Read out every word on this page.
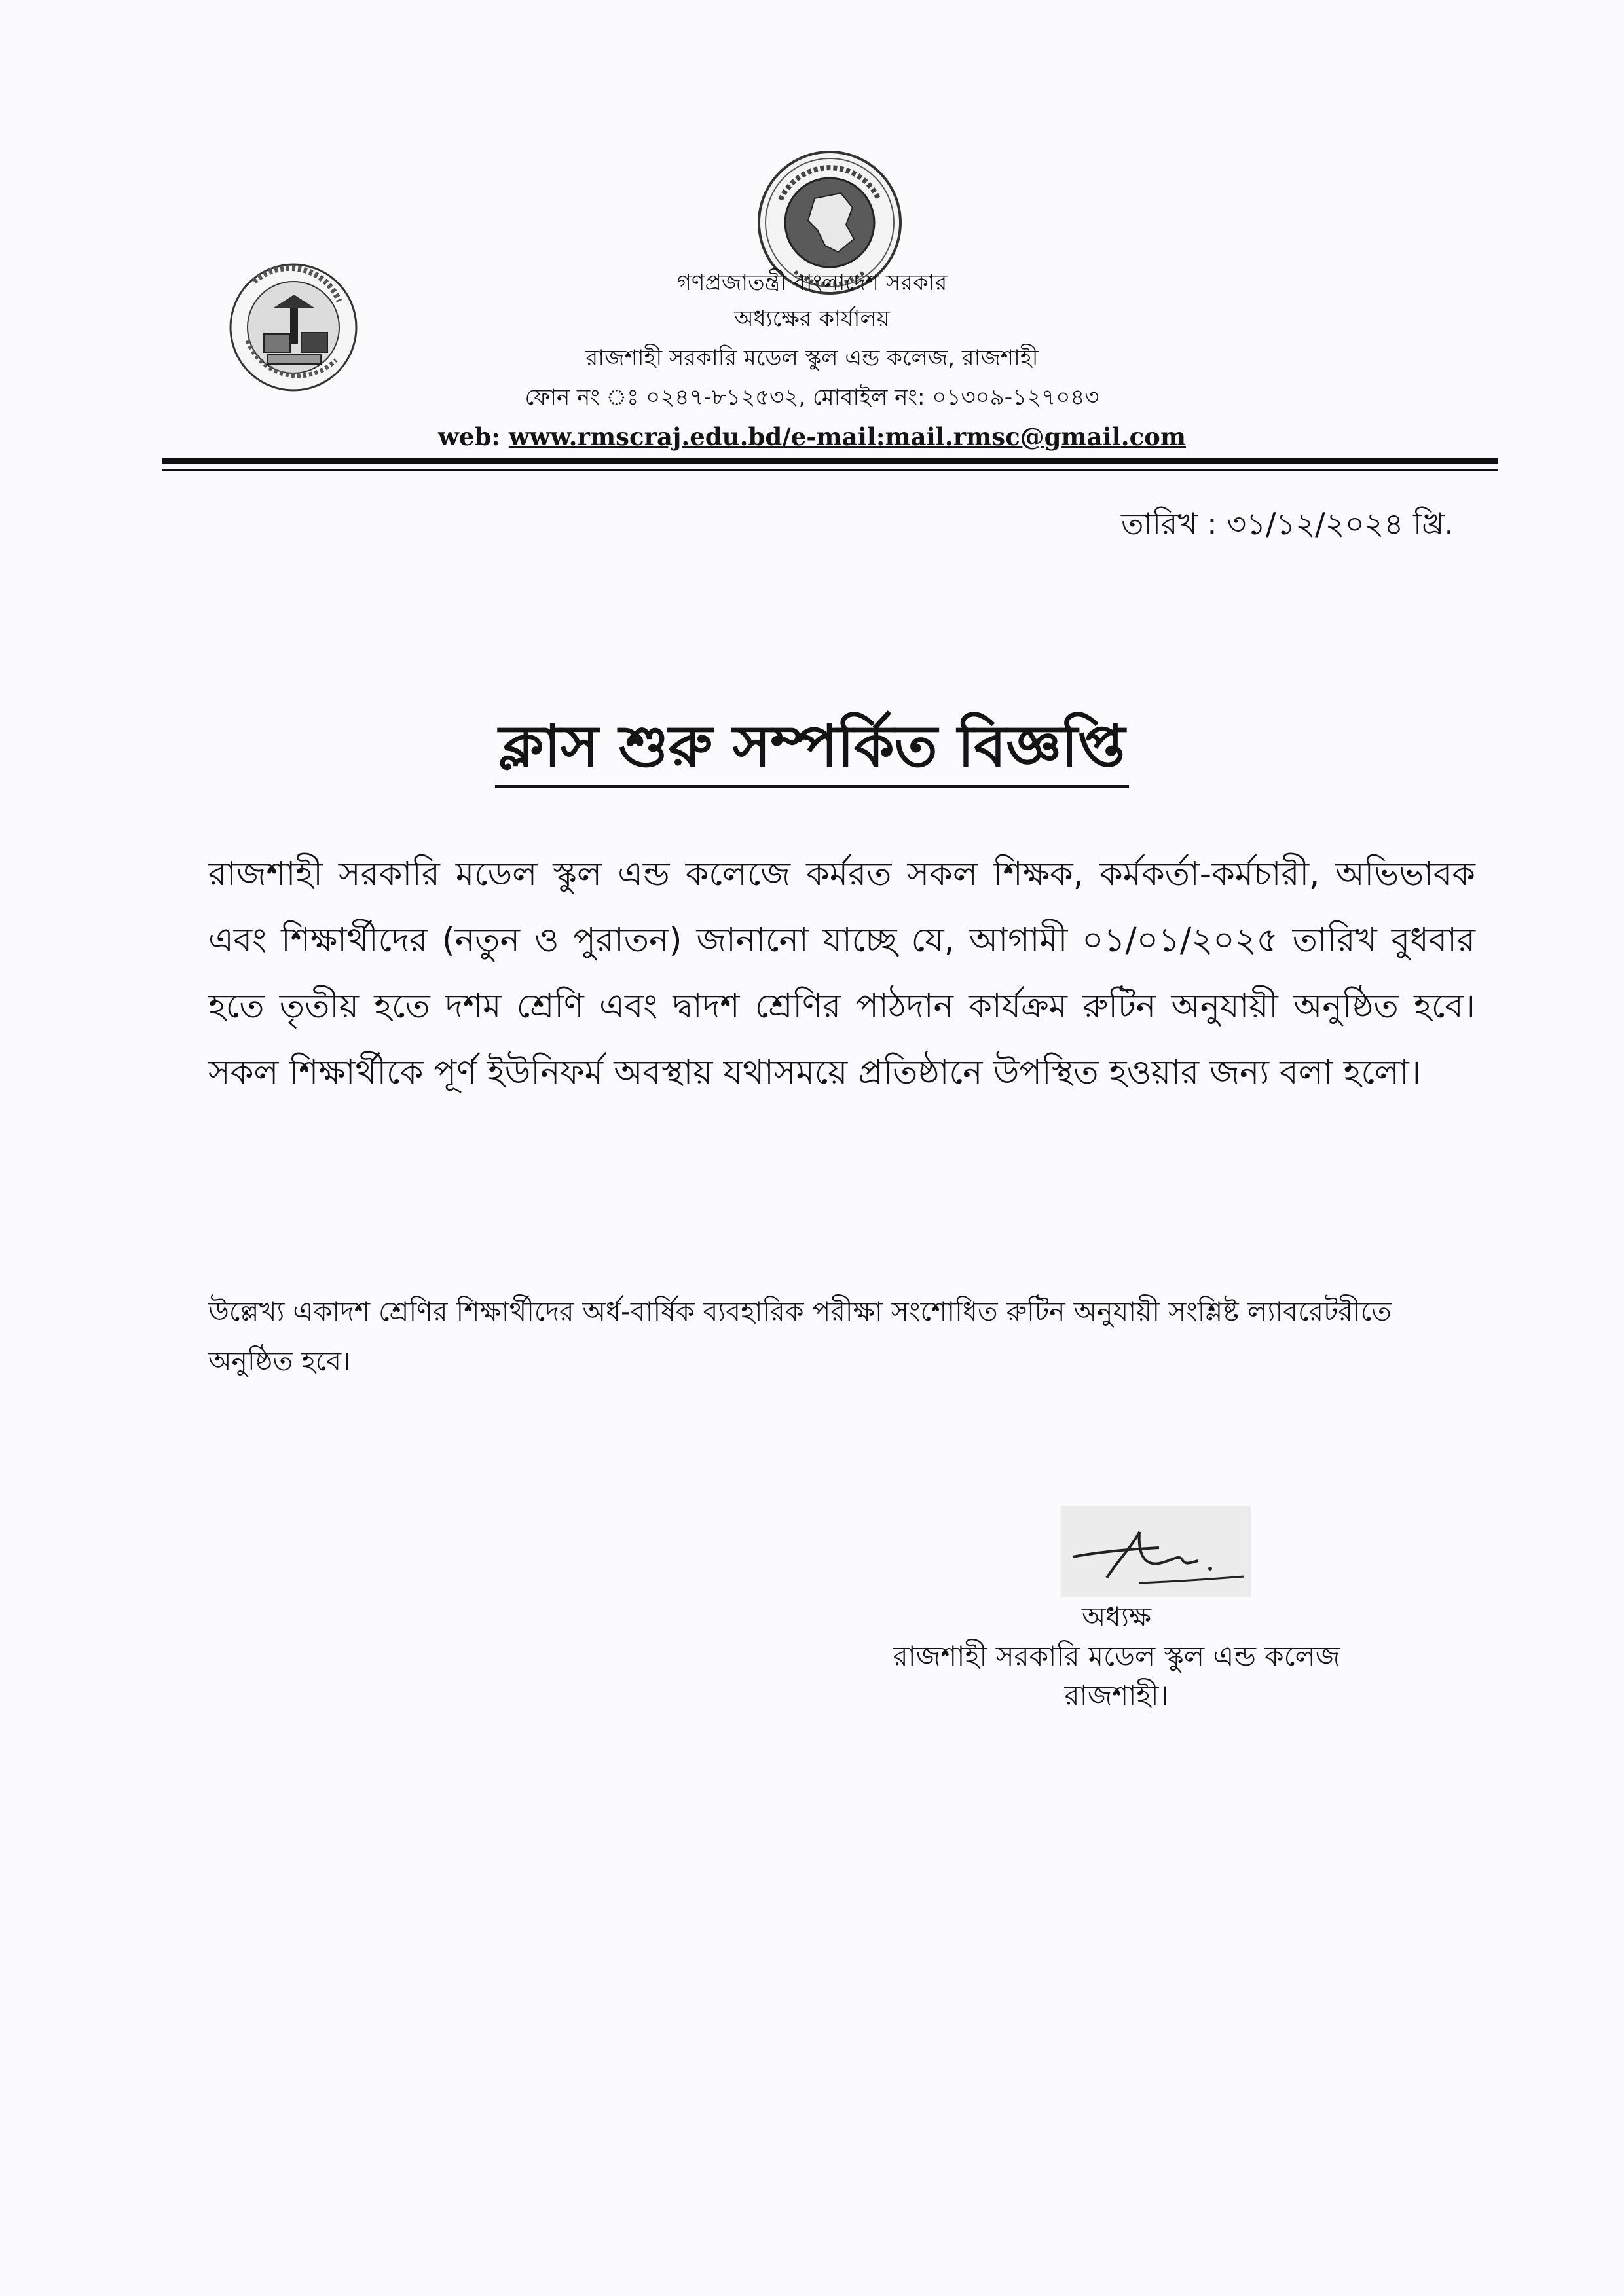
গণপ্রজাতন্ত্রী বাংলাদেশ সরকার
অধ্যক্ষের কার্যালয়
রাজশাহী সরকারি মডেল স্কুল এন্ড কলেজ, রাজশাহী
ফোন নং ঃ ০২৪৭-৮১২৫৩২, মোবাইল নং: ০১৩০৯-১২৭০৪৩
web: www.rmscraj.edu.bd/e-mail:mail.rmsc@gmail.com
তারিখ : ৩১/১২/২০২৪ খ্রি.
ক্লাস শুরু সম্পর্কিত বিজ্ঞপ্তি
রাজশাহী সরকারি মডেল স্কুল এন্ড কলেজে কর্মরত সকল শিক্ষক, কর্মকর্তা-কর্মচারী, অভিভাবক এবং শিক্ষার্থীদের (নতুন ও পুরাতন) জানানো যাচ্ছে যে, আগামী ০১/০১/২০২৫ তারিখ বুধবার হতে তৃতীয় হতে দশম শ্রেণি এবং দ্বাদশ শ্রেণির পাঠদান কার্যক্রম রুটিন অনুযায়ী অনুষ্ঠিত হবে। সকল শিক্ষার্থীকে পূর্ণ ইউনিফর্ম অবস্থায় যথাসময়ে প্রতিষ্ঠানে উপস্থিত হওয়ার জন্য বলা হলো।
উল্লেখ্য একাদশ শ্রেণির শিক্ষার্থীদের অর্ধ-বার্ষিক ব্যবহারিক পরীক্ষা সংশোধিত রুটিন অনুযায়ী সংশ্লিষ্ট ল্যাবরেটরীতে অনুষ্ঠিত হবে।
অধ্যক্ষ
রাজশাহী সরকারি মডেল স্কুল এন্ড কলেজ
রাজশাহী।
